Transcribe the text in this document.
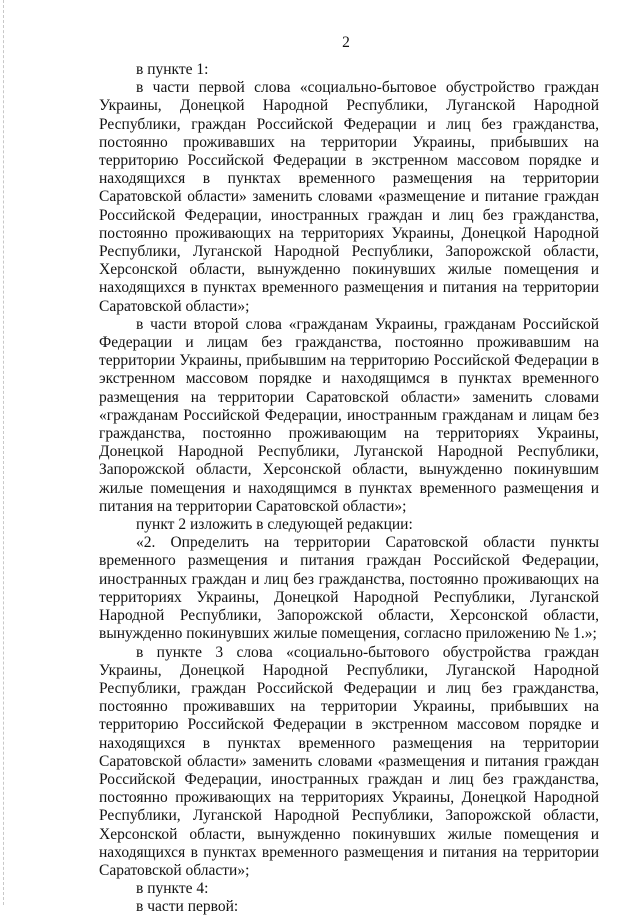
2

в пункте 1:

в части первой слова «социально-бытовое обустройство граждан Украины, Донецкой Народной Республики, Луганской Народной Республики, граждан Российской Федерации и лиц без гражданства, постоянно проживавших на территории Украины, прибывших на территорию Российской Федерации в экстренном массовом порядке и находящихся в пунктах временного размещения на территории Саратовской области» заменить словами «размещение и питание граждан Российской Федерации, иностранных граждан и лиц без гражданства, постоянно проживающих на территориях Украины, Донецкой Народной Республики, Луганской Народной Республики, Запорожской области, Херсонской области, вынужденно покинувших жилые помещения и находящихся в пунктах временного размещения и питания на территории Саратовской области»;

в части второй слова «гражданам Украины, гражданам Российской Федерации и лицам без гражданства, постоянно проживавшим на территории Украины, прибывшим на территорию Российской Федерации в экстренном массовом порядке и находящимся в пунктах временного размещения на территории Саратовской области» заменить словами «гражданам Российской Федерации, иностранным гражданам и лицам без гражданства, постоянно проживающим на территориях Украины, Донецкой Народной Республики, Луганской Народной Республики, Запорожской области, Херсонской области, вынужденно покинувшим жилые помещения и находящимся в пунктах временного размещения и питания на территории Саратовской области»;

пункт 2 изложить в следующей редакции:

«2. Определить на территории Саратовской области пункты временного размещения и питания граждан Российской Федерации, иностранных граждан и лиц без гражданства, постоянно проживающих на территориях Украины, Донецкой Народной Республики, Луганской Народной Республики, Запорожской области, Херсонской области, вынужденно покинувших жилые помещения, согласно приложению № 1.»;

в пункте 3 слова «социально-бытового обустройства граждан Украины, Донецкой Народной Республики, Луганской Народной Республики, граждан Российской Федерации и лиц без гражданства, постоянно проживавших на территории Украины, прибывших на территорию Российской Федерации в экстренном массовом порядке и находящихся в пунктах временного размещения на территории Саратовской области» заменить словами «размещения и питания граждан Российской Федерации, иностранных граждан и лиц без гражданства, постоянно проживающих на территориях Украины, Донецкой Народной Республики, Луганской Народной Республики, Запорожской области, Херсонской области, вынужденно покинувших жилые помещения и находящихся в пунктах временного размещения и питания на территории Саратовской области»;

в пункте 4:

в части первой:
